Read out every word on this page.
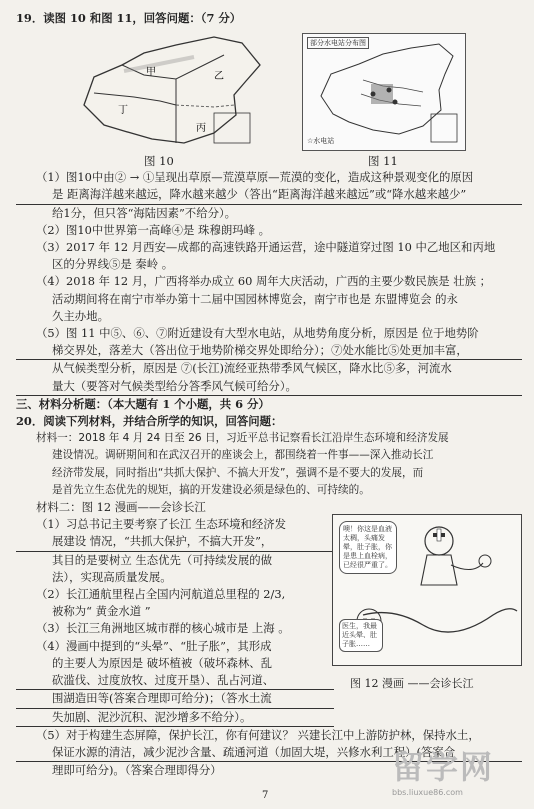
19．读图 10 和图 11，回答问题：（7 分）
甲	乙
丁
丙
图 10
部分水电站分布图
☆水电站
图 11
（1）图10中由② → ①呈现出草原—荒漠草原—荒漠的变化，造成这种景观变化的原因
是 距离海洋越来越远，降水越来越少（答出“距离海洋越来越远”或“降水越来越少”
给1分，但只答“海陆因素”不给分）。
（2）图10中世界第一高峰④是 珠穆朗玛峰 。
（3）2017 年 12 月西安—成都的高速铁路开通运营，途中隧道穿过图 10 中乙地区和丙地
区的分界线⑤是 秦岭 。
（4）2018 年 12 月，广西将举办成立 60 周年大庆活动，广西的主要少数民族是 壮族 ；
活动期间将在南宁市举办第十二届中国园林博览会，南宁市也是 东盟博览会 的永
久主办地。
（5）图 11 中⑤、⑥、⑦附近建设有大型水电站，从地势角度分析，原因是 位于地势阶
梯交界处，落差大（答出位于地势阶梯交界处即给分）；⑦处水能比⑤处更加丰富，
从气候类型分析，原因是 ⑦(长江)流经亚热带季风气候区，降水比⑤多，河流水
量大（要答对气候类型给分答季风气候可给分）。
三、材料分析题：（本大题有 1 个小题，共 6 分）
20．阅读下列材料，并结合所学的知识，回答问题：
材料一：2018 年 4 月 24 日至 26 日，习近平总书记察看长江沿岸生态环境和经济发展
建设情况。调研期间和在武汉召开的座谈会上，都围绕着一件事——深入推动长江
经济带发展，同时指出“共抓大保护、不搞大开发”，强调不是不要大的发展，而
是首先立生态优先的规矩，搞的开发建设必须是绿色的、可持续的。
材料二：图 12 漫画——会诊长江
（1）习总书记主要考察了长江 生态环境和经济发
展建设 情况，“共抓大保护，不搞大开发”，
其目的是要树立 生态优先（可持续发展的做
法），实现高质量发展。
（2）长江通航里程占全国内河航道总里程的 2/3,
被称为“ 黄金水道 ”
（3）长江三角洲地区城市群的核心城市是 上海 。
（4）漫画中提到的“头晕”、“肚子胀”，其形成
的主要人为原因是 破坏植被（破坏森林、乱
砍滥伐、过度放牧、过度开垦）、乱占河道、
围湖造田等(答案合理即可给分)；（答水土流
失加剧、泥沙沉积、泥沙增多不给分）。
（5）对于构建生态屏障，保护长江，你有何建议？ 兴建长江中上游防护林，保持水土，
保证水源的清洁，减少泥沙含量、疏通河道（加固大堤，兴修水利工程）(答案合
理即可给分)。（答案合理即得分）
噢！你这是血液太稠，头痛发晕，肚子胀，你是患上血栓病，已经很严重了。
医生，我最近头晕、肚子胀……
图 12 漫画 ——会诊长江
留学网
bbs.liuxue86.com
7
